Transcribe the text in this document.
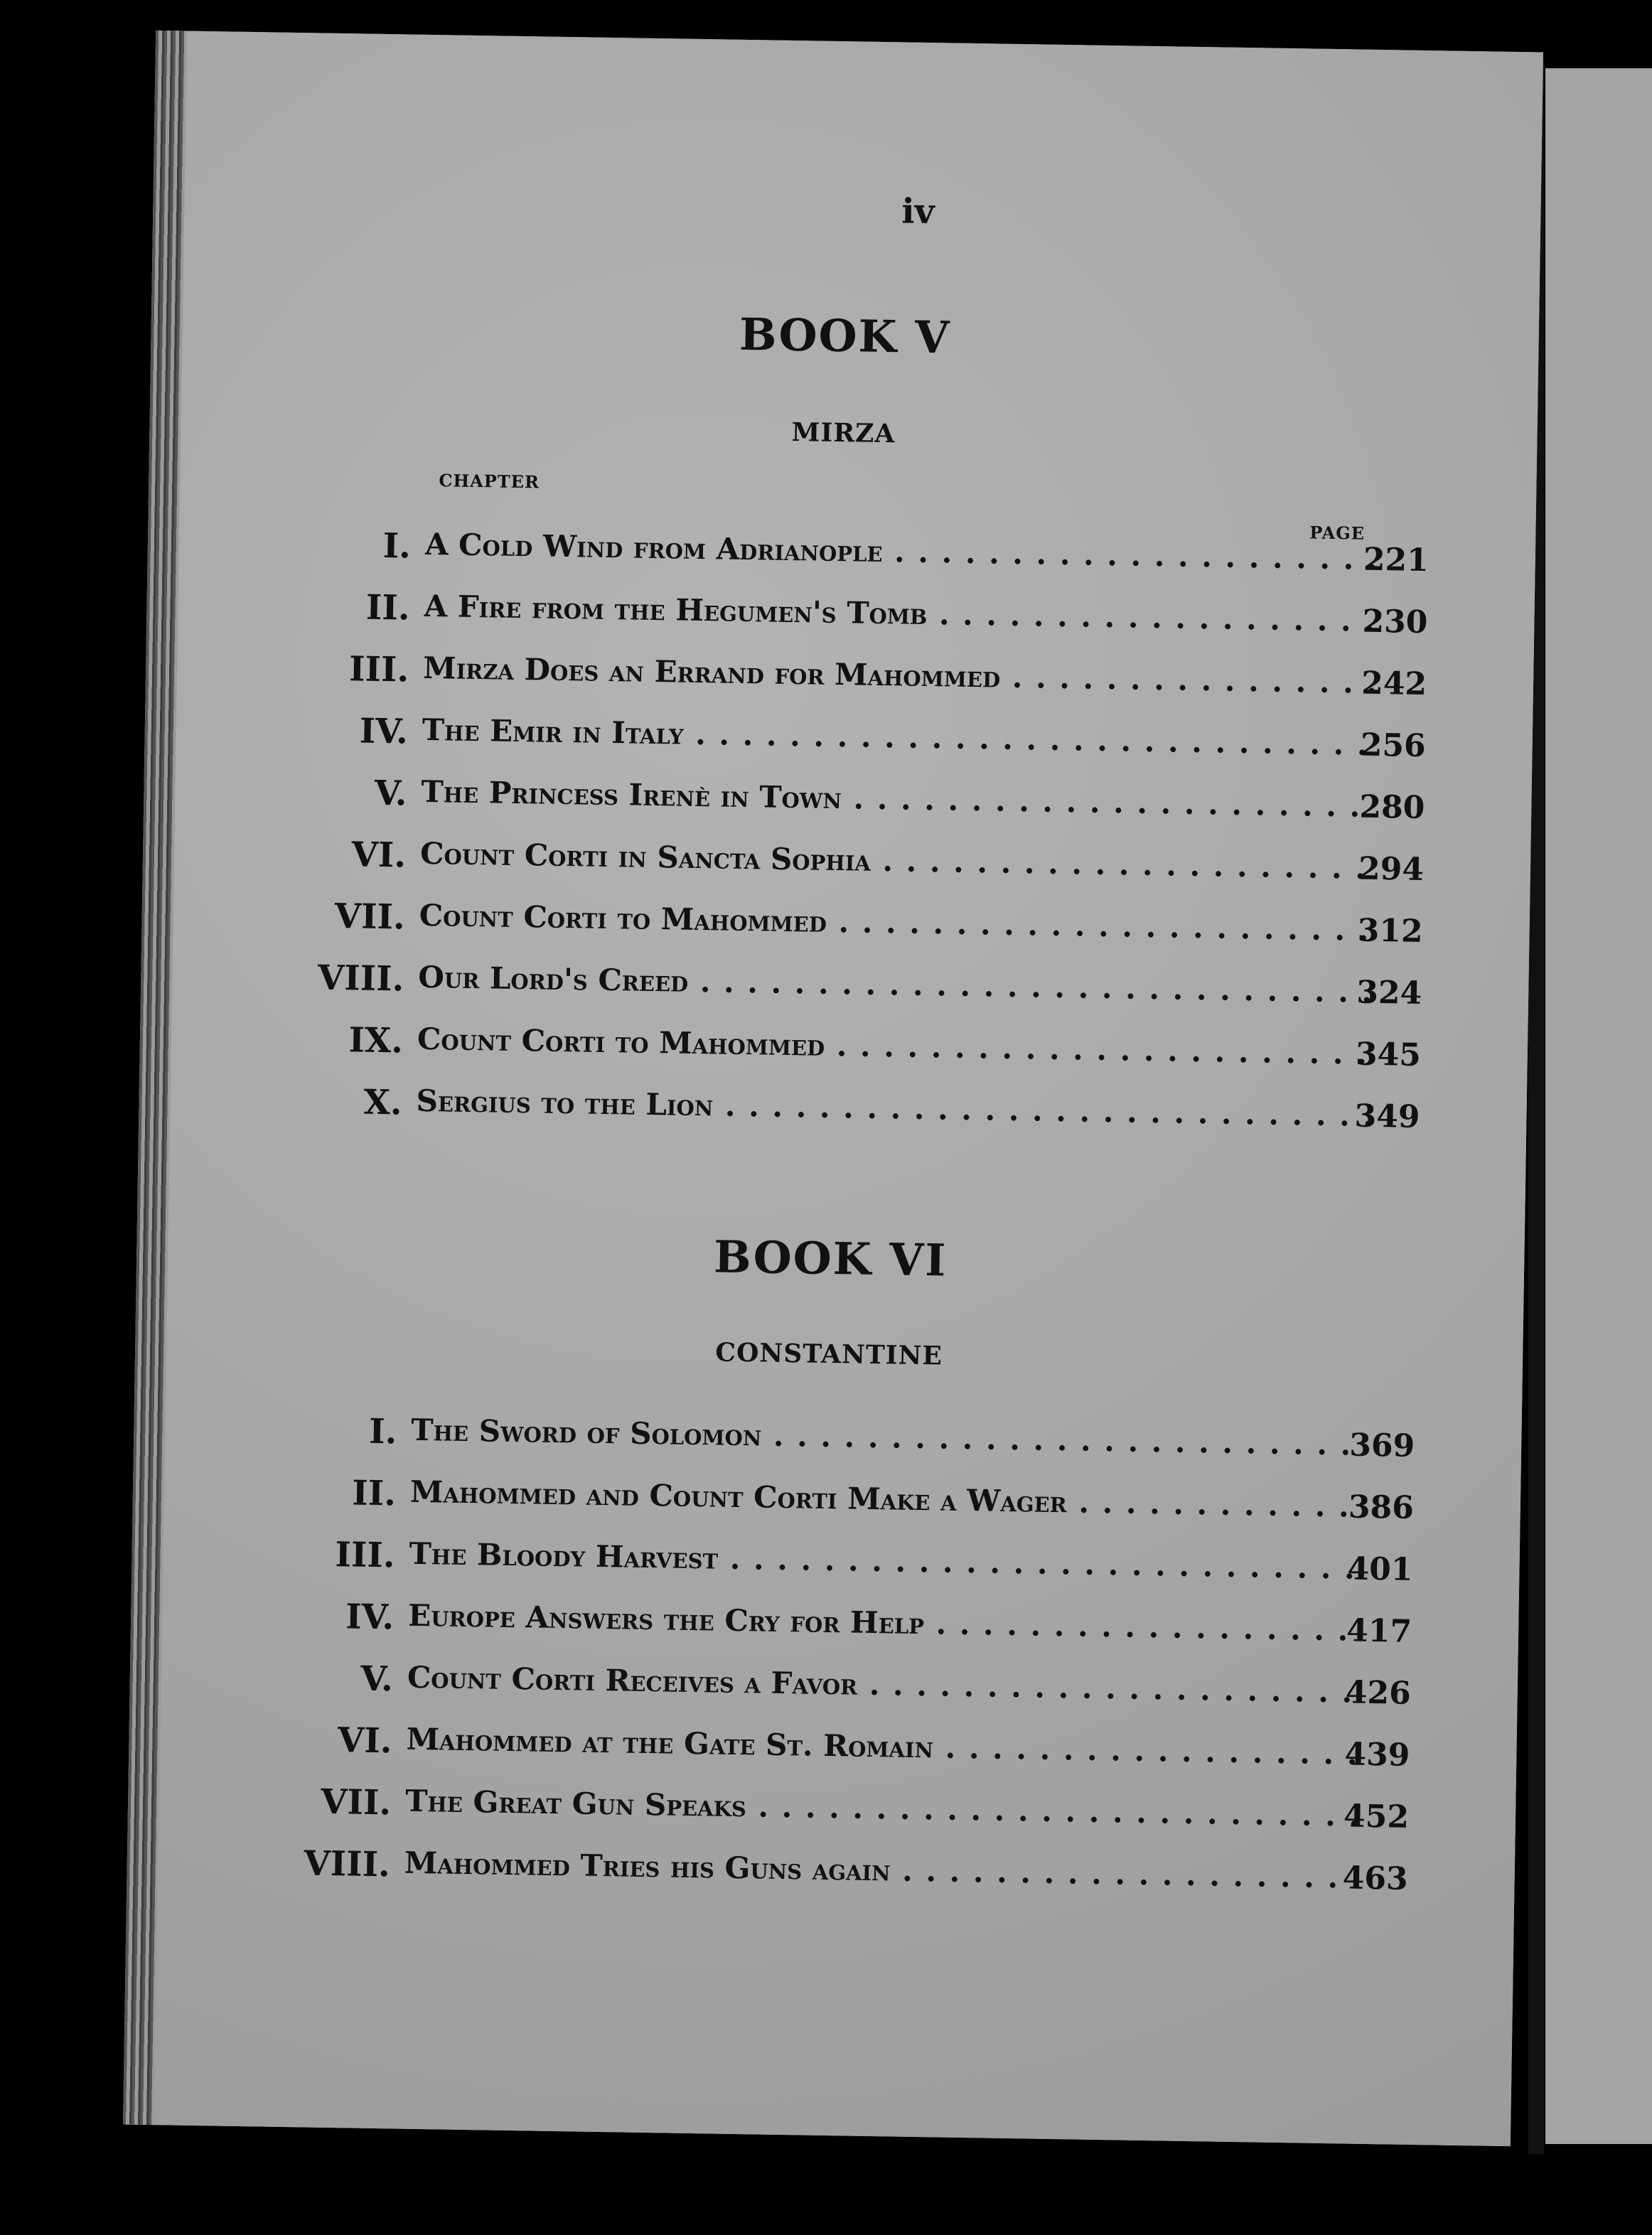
iv
BOOK V
MIRZA
CHAPTER
PAGE
I. A Cold Wind from Adrianople . . .	221
II. A Fire from the Hegumen's Tomb . . .	230
III. Mirza Does an Errand for Mahommed . . .	242
IV. The Emir in Italy . . .	256
V. The Princess Irenè in Town . . .	280
VI. Count Corti in Sancta Sophia . . .	294
VII. Count Corti to Mahommed . . .	312
VIII. Our Lord's Creed . . .	324
IX. Count Corti to Mahommed . . .	345
X. Sergius to the Lion . . .	349
BOOK VI
CONSTANTINE
I. The Sword of Solomon . . .	369
II. Mahommed and Count Corti Make a Wager . . .	386
III. The Bloody Harvest . . .	401
IV. Europe Answers the Cry for Help . . .	417
V. Count Corti Receives a Favor . . .	426
VI. Mahommed at the Gate St. Romain . . .	439
VII. The Great Gun Speaks . . .	452
VIII. Mahommed Tries his Guns again . . .	463
